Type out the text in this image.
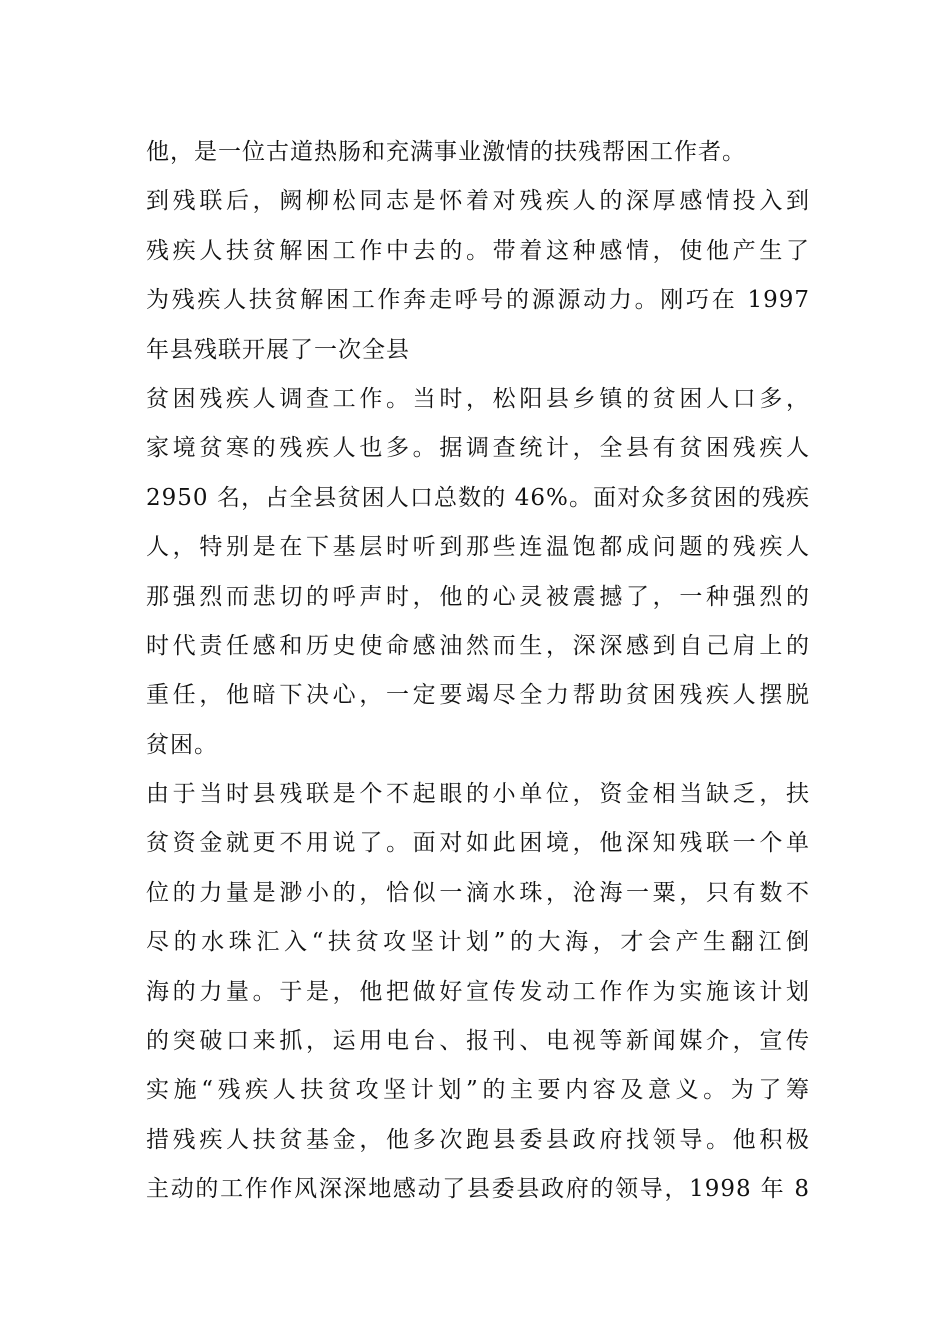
他，是一位古道热肠和充满事业激情的扶残帮困工作者。
到残联后，阙柳松同志是怀着对残疾人的深厚感情投入到
残疾人扶贫解困工作中去的。带着这种感情，使他产生了
为残疾人扶贫解困工作奔走呼号的源源动力。刚巧在 1997
年县残联开展了一次全县
贫困残疾人调查工作。当时，松阳县乡镇的贫困人口多，
家境贫寒的残疾人也多。据调查统计，全县有贫困残疾人
2950 名，占全县贫困人口总数的 46%。面对众多贫困的残疾
人，特别是在下基层时听到那些连温饱都成问题的残疾人
那强烈而悲切的呼声时，他的心灵被震撼了，一种强烈的
时代责任感和历史使命感油然而生，深深感到自己肩上的
重任，他暗下决心，一定要竭尽全力帮助贫困残疾人摆脱
贫困。
由于当时县残联是个不起眼的小单位，资金相当缺乏，扶
贫资金就更不用说了。面对如此困境，他深知残联一个单
位的力量是渺小的，恰似一滴水珠，沧海一粟，只有数不
尽的水珠汇入“扶贫攻坚计划”的大海，才会产生翻江倒
海的力量。于是，他把做好宣传发动工作作为实施该计划
的突破口来抓，运用电台、报刊、电视等新闻媒介，宣传
实施“残疾人扶贫攻坚计划”的主要内容及意义。为了筹
措残疾人扶贫基金，他多次跑县委县政府找领导。他积极
主动的工作作风深深地感动了县委县政府的领导，1998 年 8
